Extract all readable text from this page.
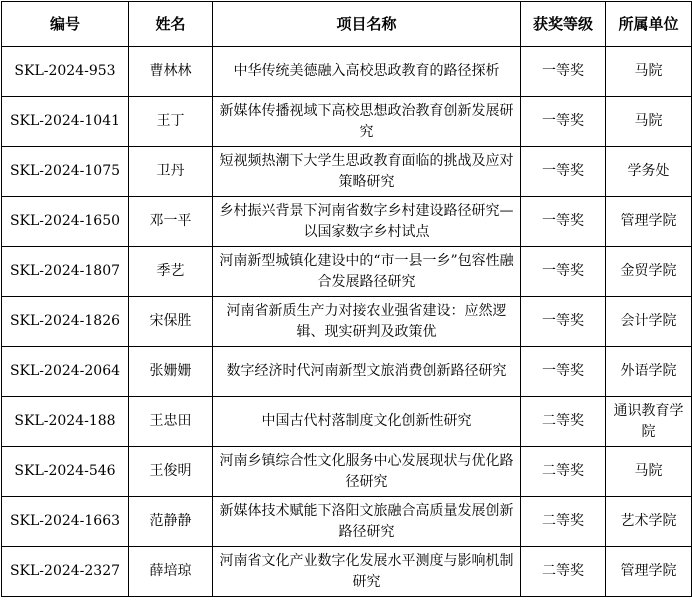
编号	姓名	项目名称	获奖等级	所属单位
SKL-2024-953	曹林林	中华传统美德融入高校思政教育的路径探析	一等奖	马院
SKL-2024-1041	王丁	新媒体传播视域下高校思想政治教育创新发展研究	一等奖	马院
SKL-2024-1075	卫丹	短视频热潮下大学生思政教育面临的挑战及应对策略研究	一等奖	学务处
SKL-2024-1650	邓一平	乡村振兴背景下河南省数字乡村建设路径研究—以国家数字乡村试点	一等奖	管理学院
SKL-2024-1807	季艺	河南新型城镇化建设中的“市一县一乡”包容性融合发展路径研究	一等奖	金贸学院
SKL-2024-1826	宋保胜	河南省新质生产力对接农业强省建设：应然逻辑、现实研判及政策优	一等奖	会计学院
SKL-2024-2064	张姗姗	数字经济时代河南新型文旅消费创新路径研究	一等奖	外语学院
SKL-2024-188	王忠田	中国古代村落制度文化创新性研究	二等奖	通识教育学院
SKL-2024-546	王俊明	河南乡镇综合性文化服务中心发展现状与优化路径研究	二等奖	马院
SKL-2024-1663	范静静	新媒体技术赋能下洛阳文旅融合高质量发展创新路径研究	二等奖	艺术学院
SKL-2024-2327	薛培琼	河南省文化产业数字化发展水平测度与影响机制研究	二等奖	管理学院
